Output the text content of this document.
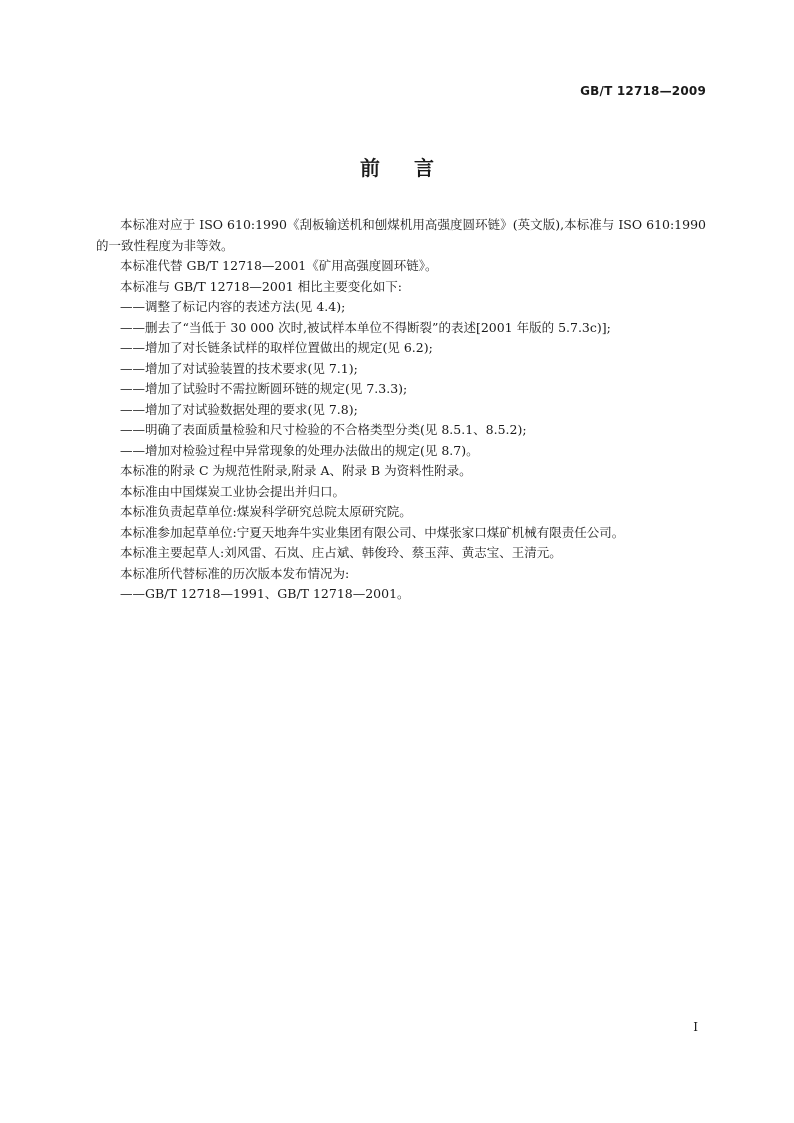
GB/T 12718—2009
前言

本标准对应于 ISO 610:1990《刮板输送机和刨煤机用高强度圆环链》(英文版),本标准与 ISO 610:1990 的一致性程度为非等效。

本标准代替 GB/T 12718—2001《矿用高强度圆环链》。

本标准与 GB/T 12718—2001 相比主要变化如下:

——调整了标记内容的表述方法(见 4.4);

——删去了“当低于 30 000 次时,被试样本单位不得断裂”的表述[2001 年版的 5.7.3c)];

——增加了对长链条试样的取样位置做出的规定(见 6.2);

——增加了对试验装置的技术要求(见 7.1);

——增加了试验时不需拉断圆环链的规定(见 7.3.3);

——增加了对试验数据处理的要求(见 7.8);

——明确了表面质量检验和尺寸检验的不合格类型分类(见 8.5.1、8.5.2);

——增加对检验过程中异常现象的处理办法做出的规定(见 8.7)。

本标准的附录 C 为规范性附录,附录 A、附录 B 为资料性附录。

本标准由中国煤炭工业协会提出并归口。

本标准负责起草单位:煤炭科学研究总院太原研究院。

本标准参加起草单位:宁夏天地奔牛实业集团有限公司、中煤张家口煤矿机械有限责任公司。

本标准主要起草人:刘风雷、石岚、庄占斌、韩俊玲、蔡玉萍、黄志宝、王清元。

本标准所代替标准的历次版本发布情况为:

——GB/T 12718—1991、GB/T 12718—2001。

I
